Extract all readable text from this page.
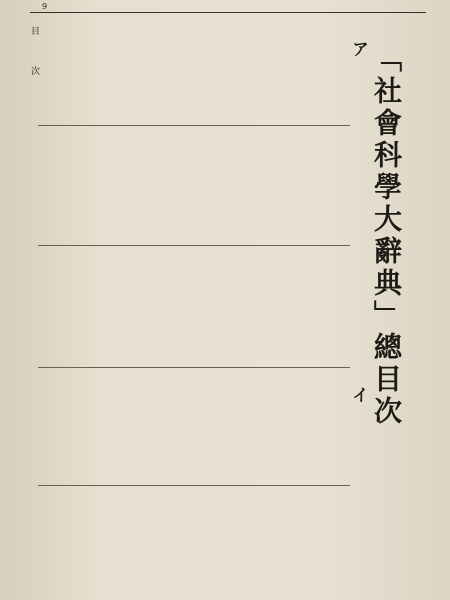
9
目 次	「社會科學大辭典」總目次
ア
イ
